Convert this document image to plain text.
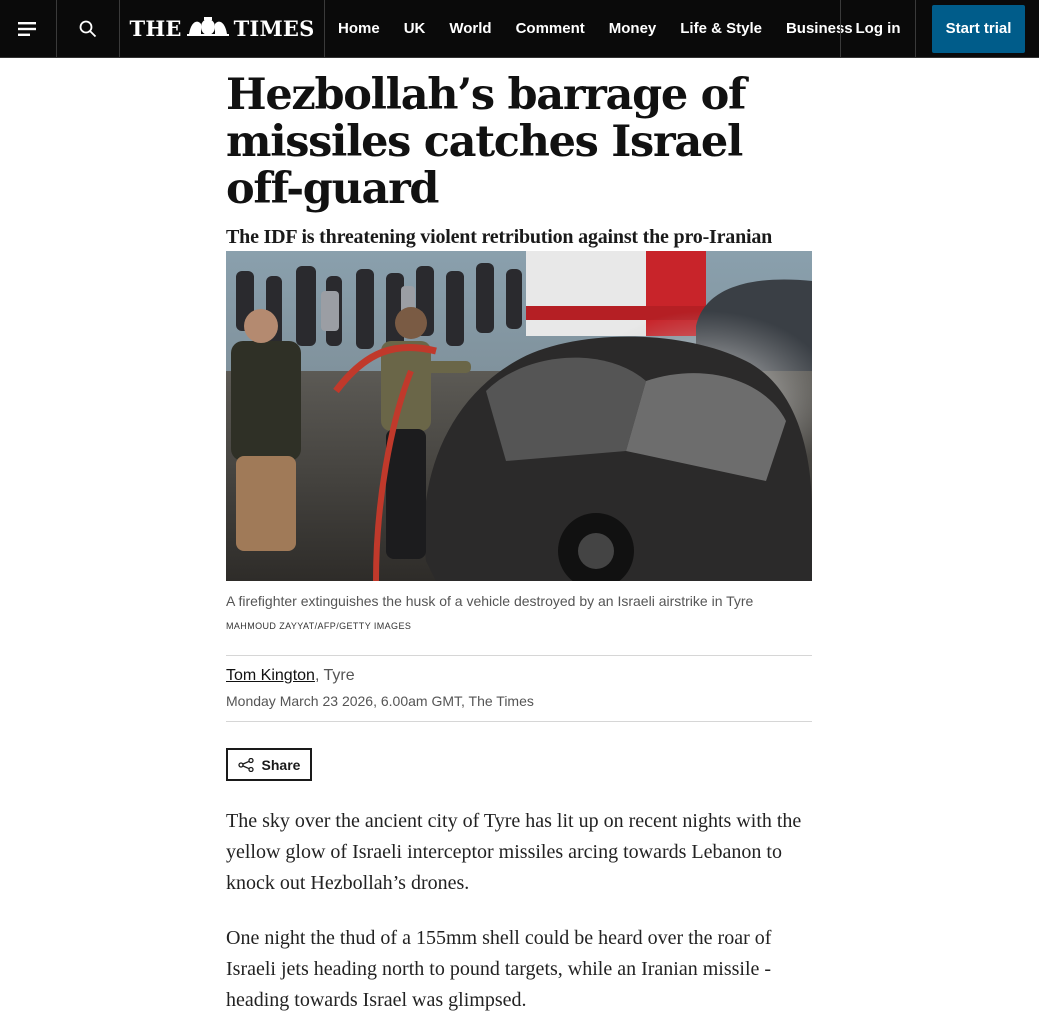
THE TIMES Home UK World Comment Money Life & Style Business Log in	Start trial
Hezbollah’s barrage of missiles catches Israel off-guard

The IDF is threatening violent retribution against the pro-Iranian

A firefighter extinguishes the husk of a vehicle destroyed by an Israeli airstrike in Tyre

MAHMOUD ZAYYAT/AFP/GETTY IMAGES

Tom Kington, Tyre
Monday March 23 2026, 6.00am GMT, The Times
Share

The sky over the ancient city of Tyre has lit up on recent nights with the yellow glow of Israeli interceptor missiles arcing towards Lebanon to knock out Hezbollah’s drones.

One night the thud of a 155mm shell could be heard over the roar of Israeli jets heading north to pound targets, while an Iranian missile - heading towards Israel was glimpsed.
